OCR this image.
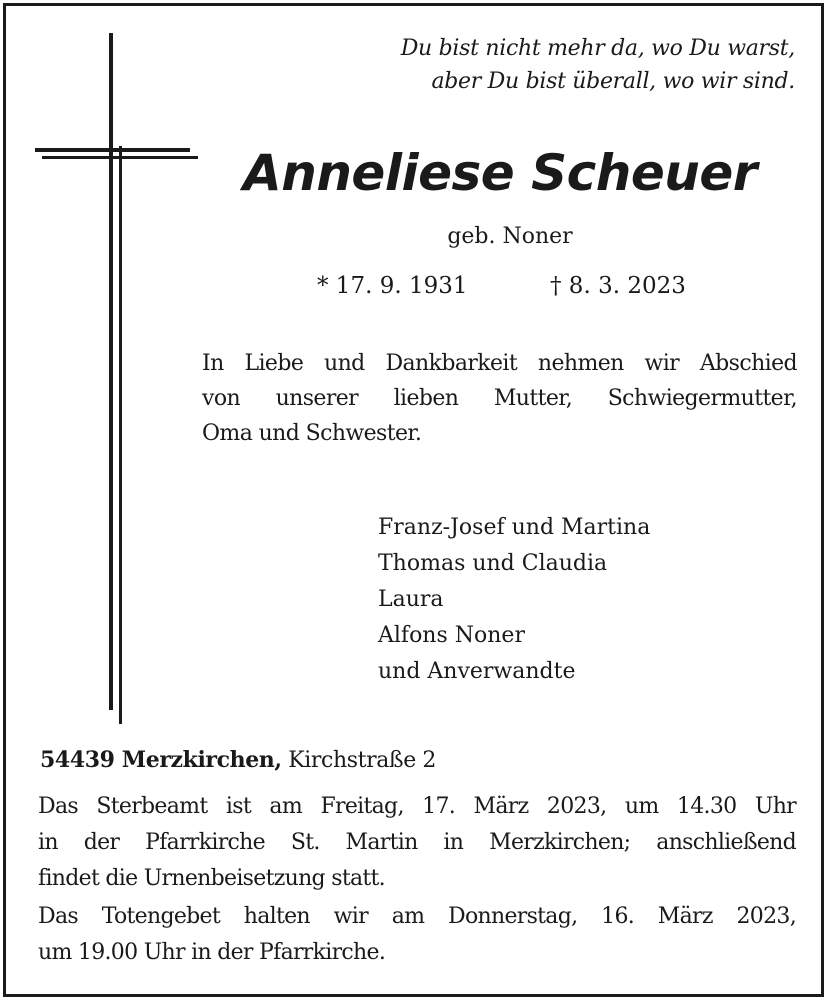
Du bist nicht mehr da, wo Du warst,
aber Du bist überall, wo wir sind.
Anneliese Scheuer
geb. Noner
* 17. 9. 1931	† 8. 3. 2023
In Liebe und Dankbarkeit nehmen wir Abschied
von unserer lieben Mutter, Schwiegermutter,
Oma und Schwester.
Franz-Josef und Martina
Thomas und Claudia
Laura
Alfons Noner
und Anverwandte
54439 Merzkirchen, Kirchstraße 2
Das Sterbeamt ist am Freitag, 17. März 2023, um 14.30 Uhr
in der Pfarrkirche St. Martin in Merzkirchen; anschließend
findet die Urnenbeisetzung statt.
Das Totengebet halten wir am Donnerstag, 16. März 2023,
um 19.00 Uhr in der Pfarrkirche.
